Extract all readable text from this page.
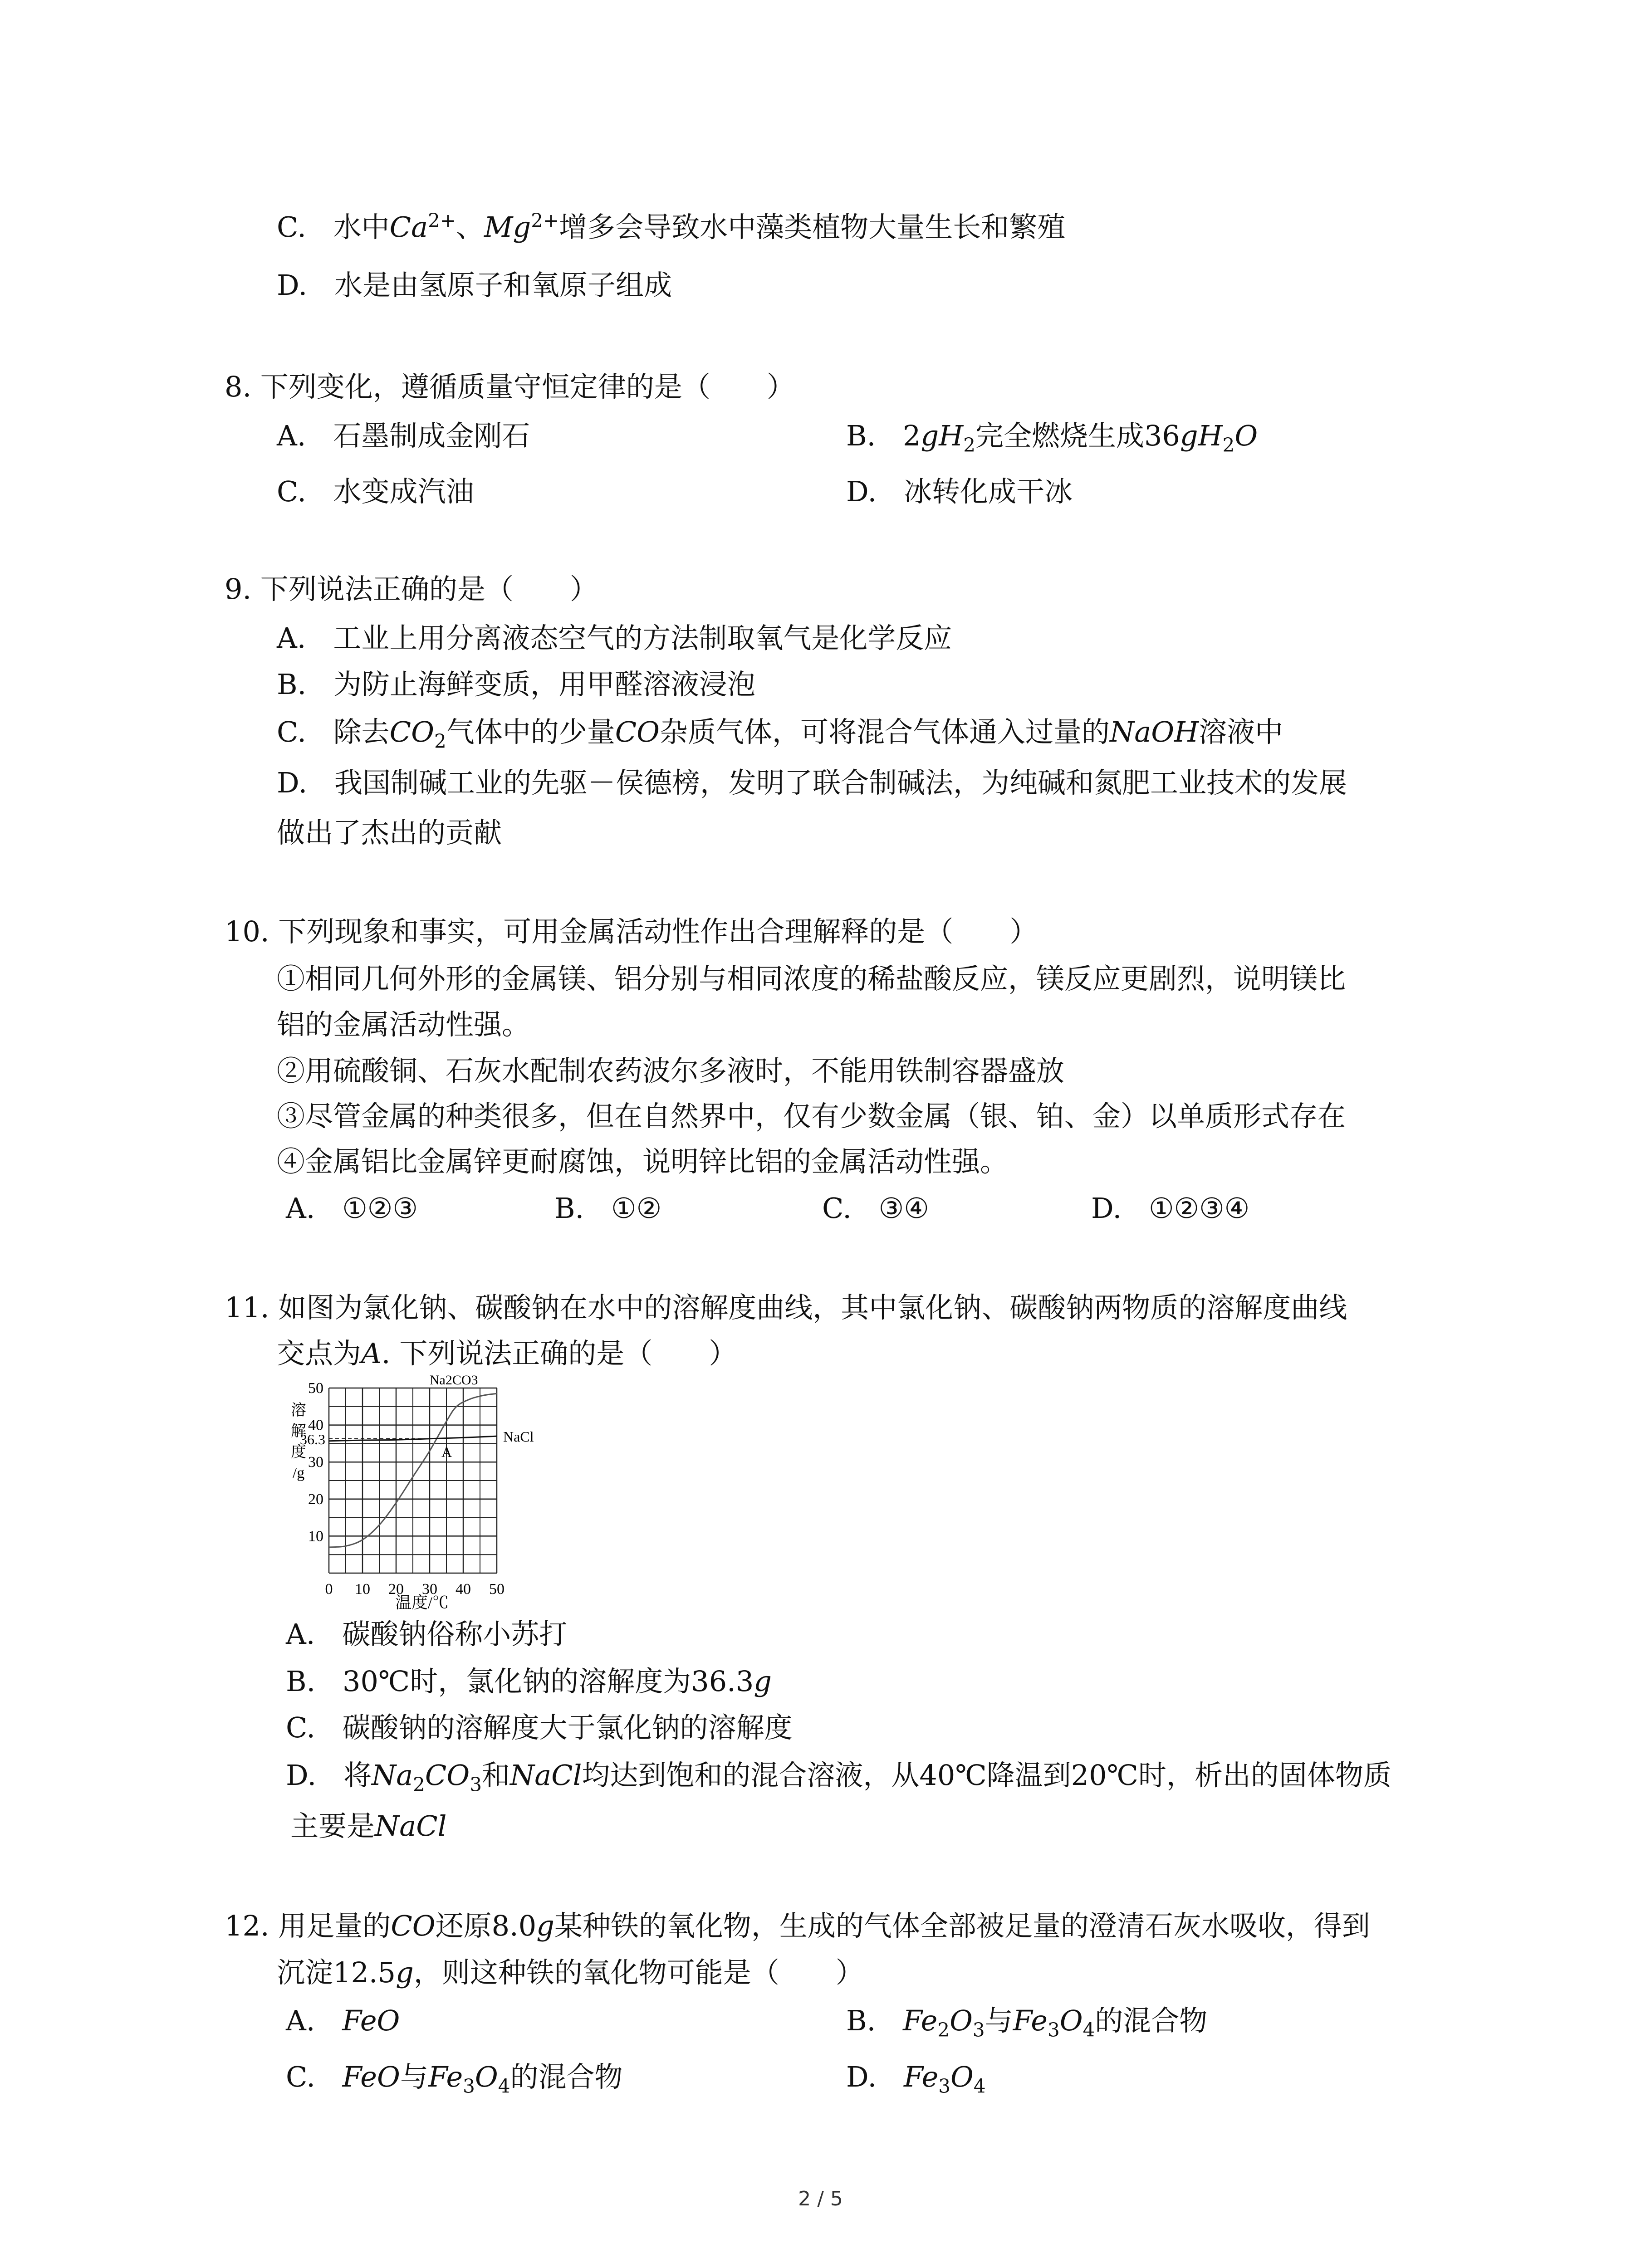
C. 水中$Ca^{2+}$、$Mg^{2+}$增多会导致水中藻类植物大量生长和繁殖
D. 水是由氢原子和氧原子组成
8. 下列变化，遵循质量守恒定律的是（　　）
A. 石墨制成金刚石	B. $2gH_2$完全燃烧生成$36gH_2O$
C. 水变成汽油	D. 冰转化成干冰
9. 下列说法正确的是（　　）
A. 工业上用分离液态空气的方法制取氧气是化学反应
B. 为防止海鲜变质，用甲醛溶液浸泡
C. 除去$CO_2$气体中的少量CO杂质气体，可将混合气体通入过量的NaOH溶液中
D. 我国制碱工业的先驱－侯德榜，发明了联合制碱法，为纯碱和氮肥工业技术的发展
做出了杰出的贡献
10. 下列现象和事实，可用金属活动性作出合理解释的是（　　）
①相同几何外形的金属镁、铝分别与相同浓度的稀盐酸反应，镁反应更剧烈，说明镁比
铝的金属活动性强。
②用硫酸铜、石灰水配制农药波尔多液时，不能用铁制容器盛放
③尽管金属的种类很多，但在自然界中，仅有少数金属（银、铂、金）以单质形式存在
④金属铝比金属锌更耐腐蚀，说明锌比铝的金属活动性强。
A. ①②③	B. ①②	C. ③④	D. ①②③④
11. 如图为氯化钠、碳酸钠在水中的溶解度曲线，其中氯化钠、碳酸钠两物质的溶解度曲线
交点为A. 下列说法正确的是（　　）
溶
解
度
/g
10
20
30
40
50
36.3
0 10 20 30 40 50
Na2CO3
NaCl
A
温度/℃
A. 碳酸钠俗称小苏打
B. 30℃时，氯化钠的溶解度为36.3g
C. 碳酸钠的溶解度大于氯化钠的溶解度
D. 将$Na_2CO_3$和NaCl均达到饱和的混合溶液，从40℃降温到20℃时，析出的固体物质
主要是NaCl
12. 用足量的CO还原8.0g某种铁的氧化物，生成的气体全部被足量的澄清石灰水吸收，得到
沉淀12.5g，则这种铁的氧化物可能是（　　）
A. FeO	B. $Fe_2O_3$与$Fe_3O_4$的混合物
C. FeO与$Fe_3O_4$的混合物	D. $Fe_3O_4$
2 / 5
